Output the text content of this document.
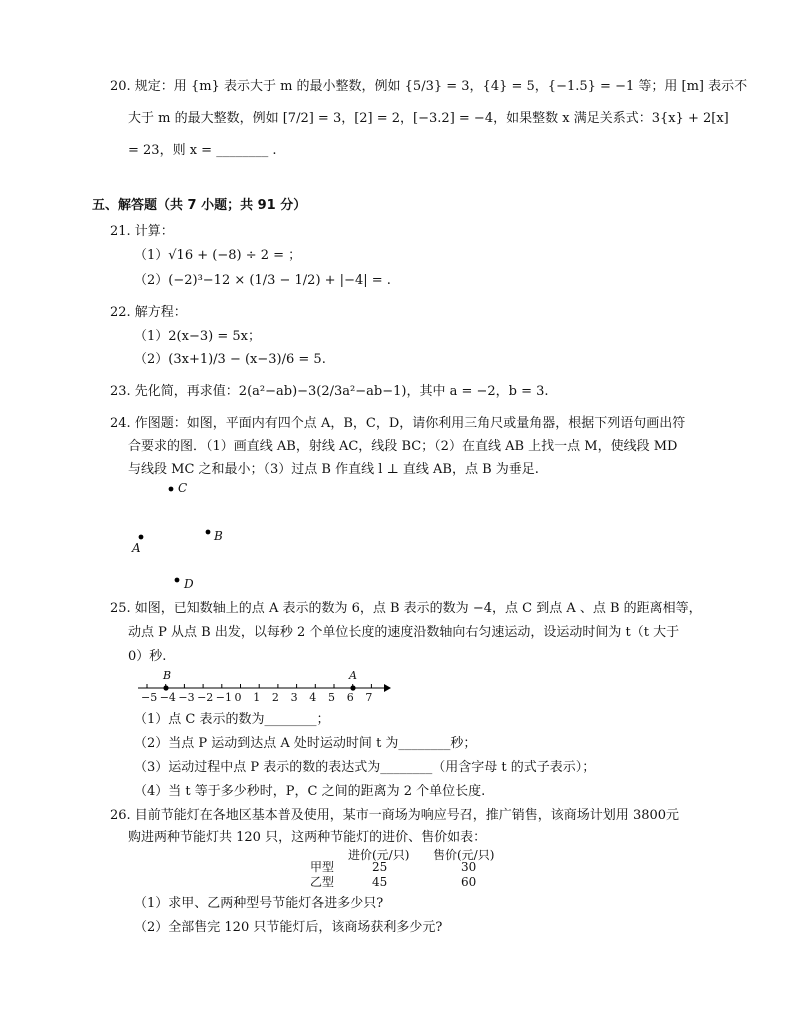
20. 规定：用 {m} 表示大于 m 的最小整数，例如 {5/3} = 3，{4} = 5，{−1.5} = −1 等；用 [m] 表示不
大于 m 的最大整数，例如 [7/2] = 3，[2] = 2，[−3.2] = −4，如果整数 x 满足关系式：3{x} + 2[x]
= 23，则 x = ________ .
五、解答题（共 7 小题；共 91 分）
21. 计算：
（1）√16 + (−8) ÷ 2 = ；
（2）(−2)³−12 × (1/3 − 1/2) + |−4| = .
22. 解方程：
（1）2(x−3) = 5x；
（2）(3x+1)/3 − (x−3)/6 = 5.
23. 先化简，再求值：2(a²−ab)−3(2/3a²−ab−1)，其中 a = −2，b = 3.
24. 作图题：如图，平面内有四个点 A，B，C，D，请你利用三角尺或量角器，根据下列语句画出符
合要求的图．（1）画直线 AB，射线 AC，线段 BC；（2）在直线 AB 上找一点 M，使线段 MD
与线段 MC 之和最小；（3）过点 B 作直线 l ⊥ 直线 AB，点 B 为垂足.
C
A
B
D
25. 如图，已知数轴上的点 A 表示的数为 6，点 B 表示的数为 −4，点 C 到点 A 、点 B 的距离相等，
动点 P 从点 B 出发，以每秒 2 个单位长度的速度沿数轴向右匀速运动，设运动时间为 t（t 大于
0）秒.
−5 −4 −3 −2 −1 0 1 2 3 4 5 6 7
B	A
（1）点 C 表示的数为________；
（2）当点 P 运动到达点 A 处时运动时间 t 为________秒；
（3）运动过程中点 P 表示的数的表达式为________（用含字母 t 的式子表示）；
（4）当 t 等于多少秒时，P，C 之间的距离为 2 个单位长度.
26. 目前节能灯在各地区基本普及使用，某市一商场为响应号召，推广销售，该商场计划用 3800元
购进两种节能灯共 120 只，这两种节能灯的进价、售价如表：
进价(元/只) 售价(元/只)
甲型	25	30
乙型	45	60
（1）求甲、乙两种型号节能灯各进多少只?
（2）全部售完 120 只节能灯后，该商场获利多少元?
